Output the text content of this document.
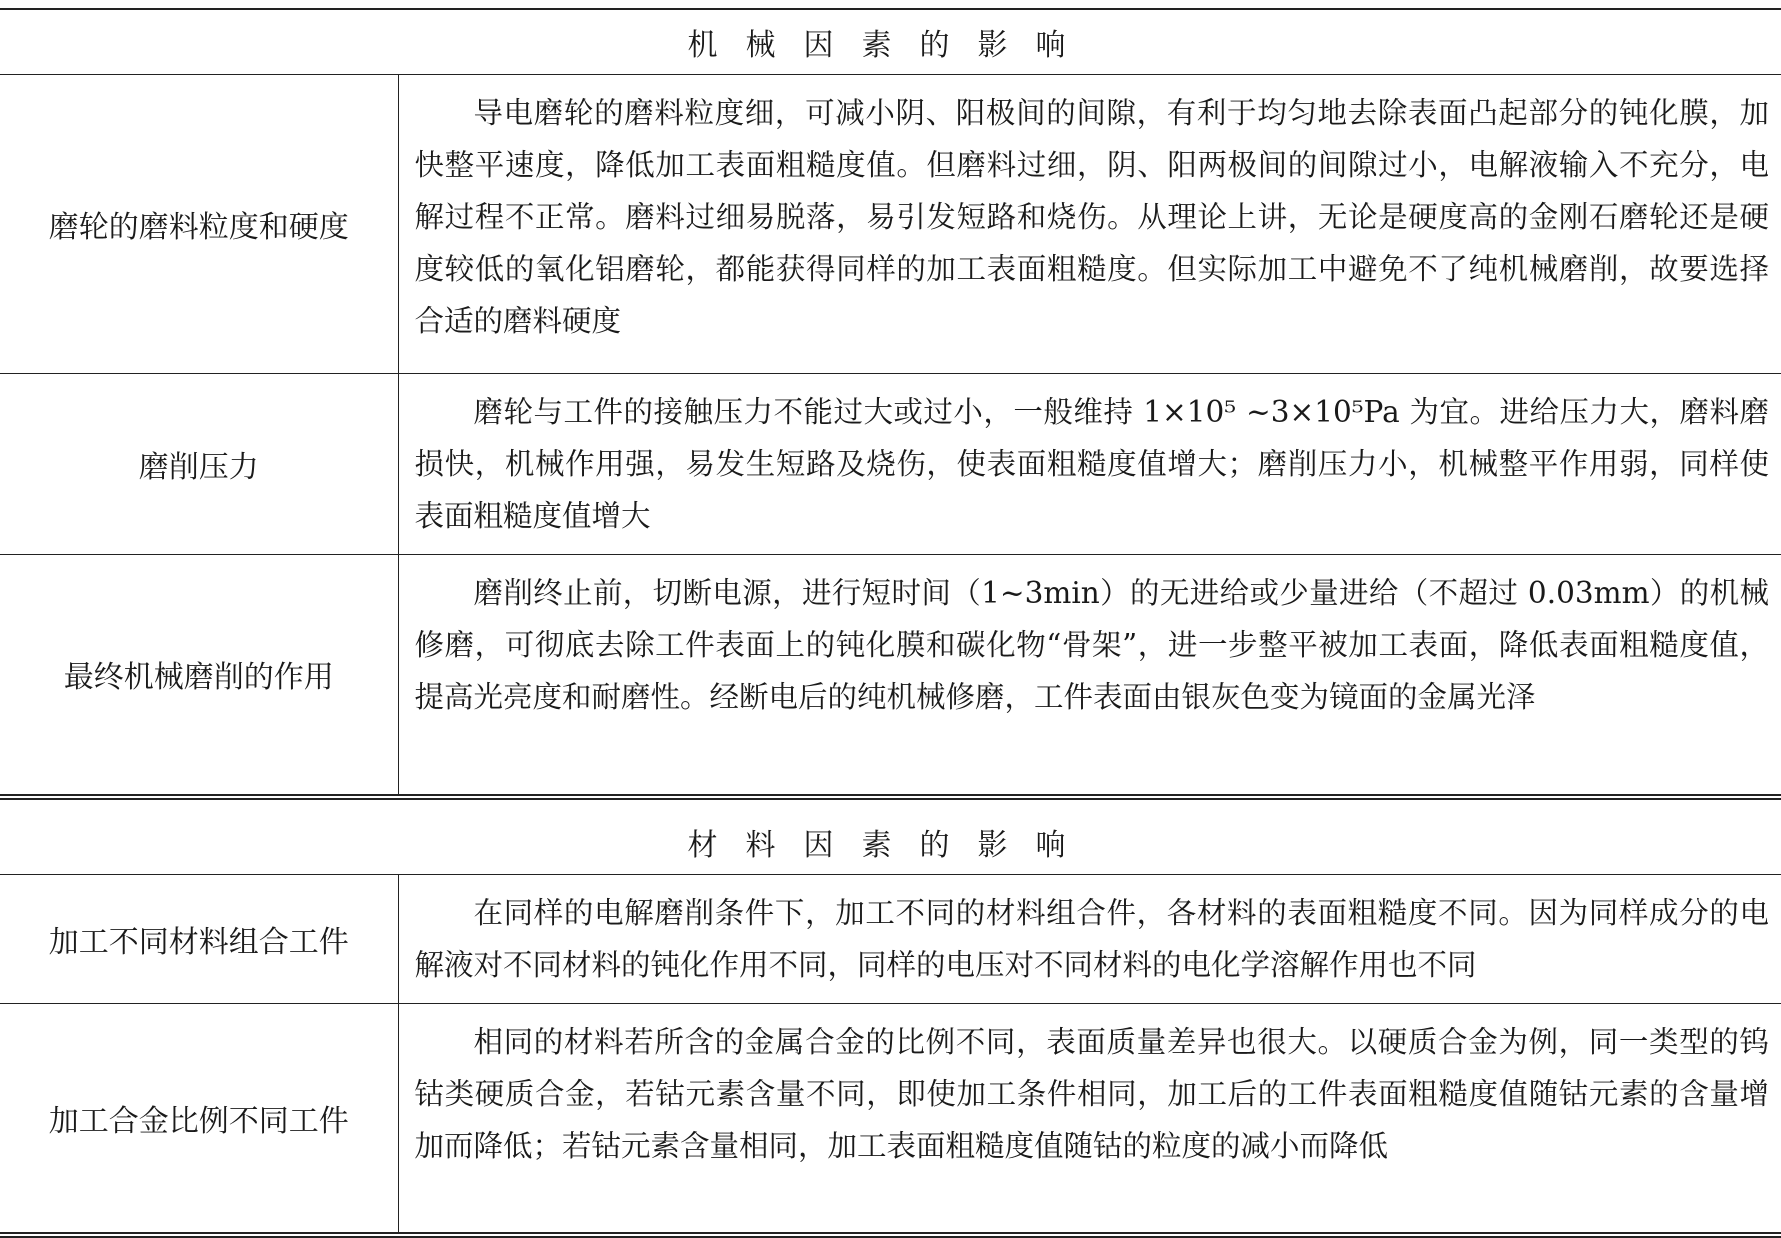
机械因素的影响	
磨轮的磨料粒度和硬度	导电磨轮的磨料粒度细，可减小阴、阳极间的间隙，有利于均匀地去除表面凸起部分的钝化膜，加快整平速度，降低加工表面粗糙度值。但磨料过细，阴、阳两极间的间隙过小，电解液输入不充分，电解过程不正常。磨料过细易脱落，易引发短路和烧伤。从理论上讲，无论是硬度高的金刚石磨轮还是硬度较低的氧化铝磨轮，都能获得同样的加工表面粗糙度。但实际加工中避免不了纯机械磨削，故要选择合适的磨料硬度
磨削压力	磨轮与工件的接触压力不能过大或过小，一般维持 1×10⁵ ~3×10⁵Pa 为宜。进给压力大，磨料磨损快，机械作用强，易发生短路及烧伤，使表面粗糙度值增大；磨削压力小，机械整平作用弱，同样使表面粗糙度值增大
最终机械磨削的作用	磨削终止前，切断电源，进行短时间（1~3min）的无进给或少量进给（不超过 0.03mm）的机械修磨，可彻底去除工件表面上的钝化膜和碳化物“骨架”，进一步整平被加工表面，降低表面粗糙度值，提高光亮度和耐磨性。经断电后的纯机械修磨，工件表面由银灰色变为镜面的金属光泽
材料因素的影响	
加工不同材料组合工件	在同样的电解磨削条件下，加工不同的材料组合件，各材料的表面粗糙度不同。因为同样成分的电解液对不同材料的钝化作用不同，同样的电压对不同材料的电化学溶解作用也不同
加工合金比例不同工件	相同的材料若所含的金属合金的比例不同，表面质量差异也很大。以硬质合金为例，同一类型的钨钴类硬质合金，若钴元素含量不同，即使加工条件相同，加工后的工件表面粗糙度值随钴元素的含量增加而降低；若钴元素含量相同，加工表面粗糙度值随钴的粒度的减小而降低
